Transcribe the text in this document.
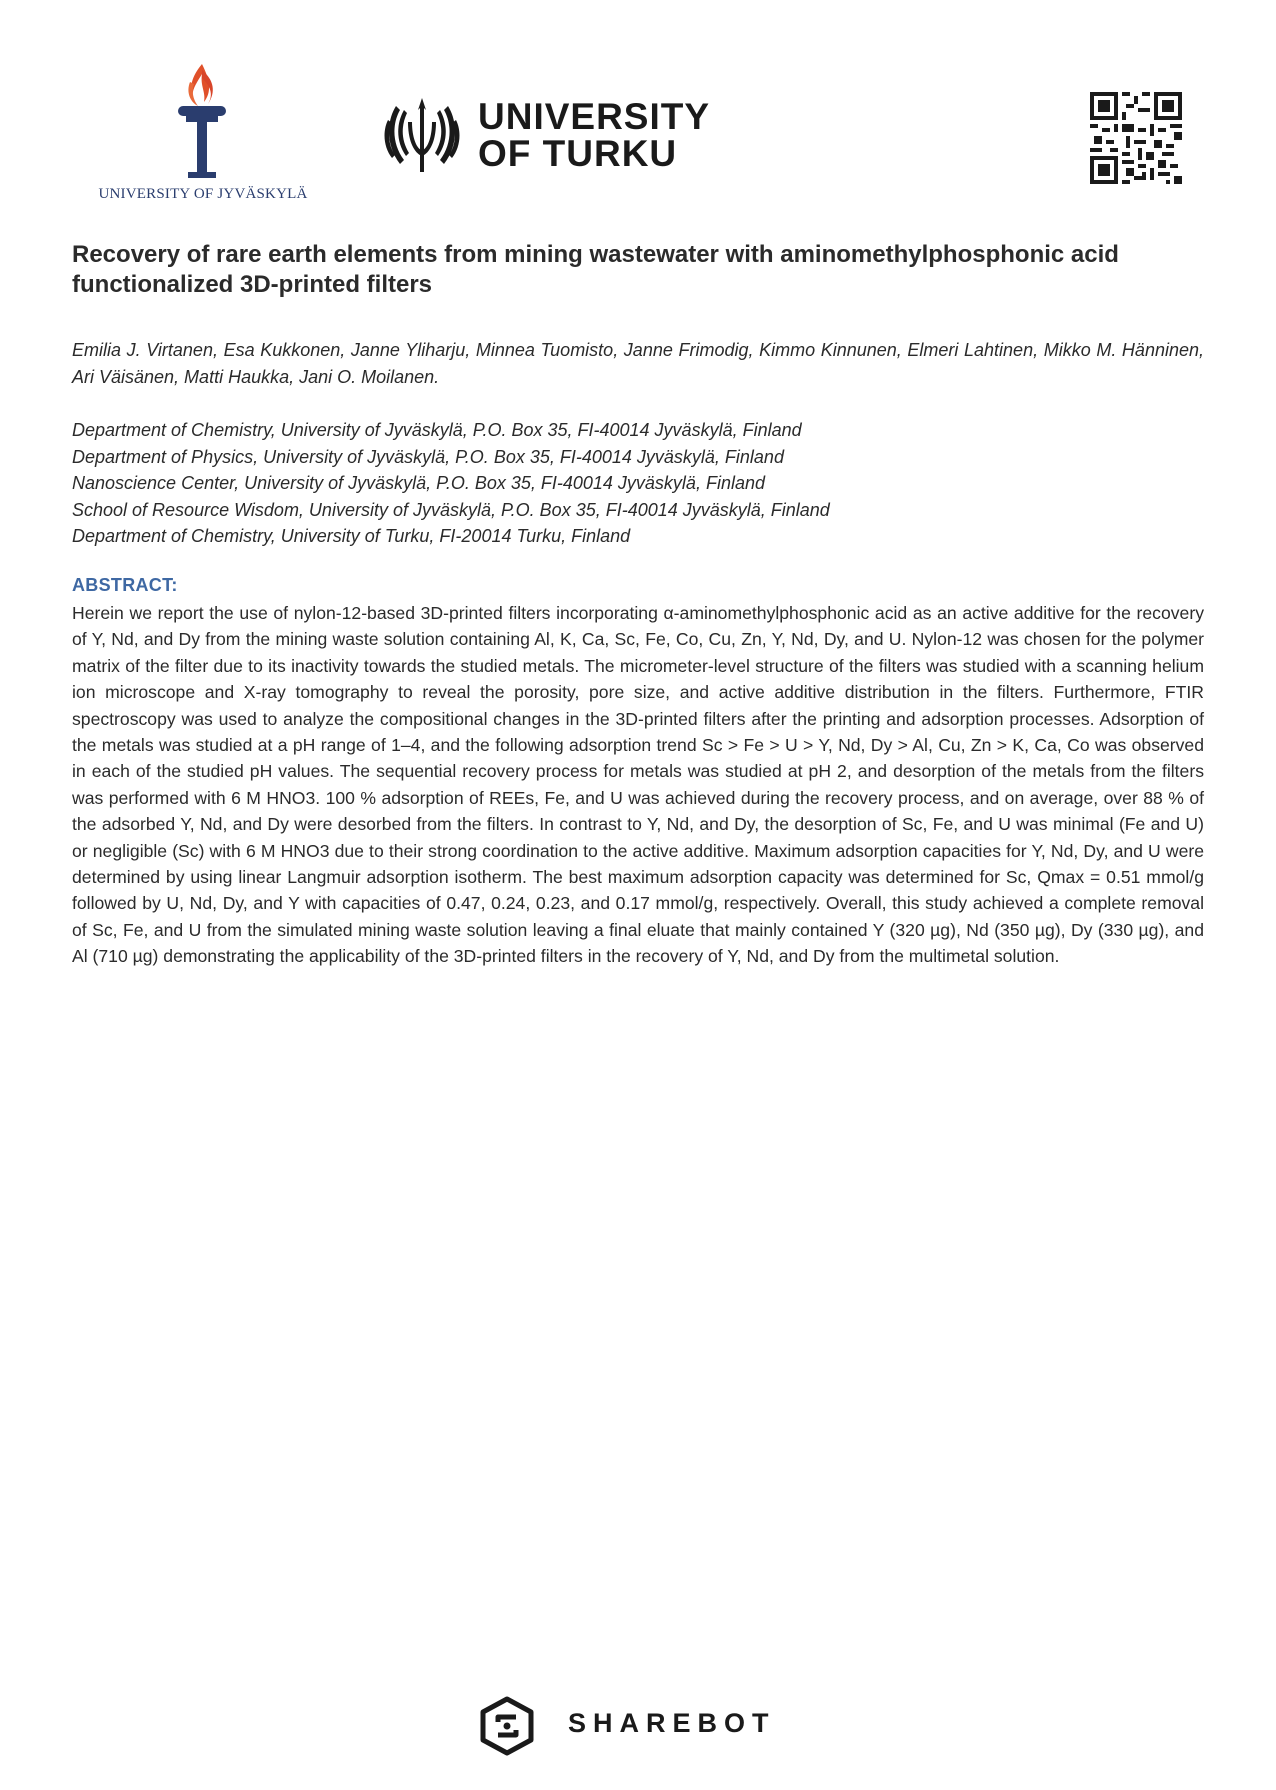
UNIVERSITY OF JYVÄSKYLÄ
UNIVERSITY
OF TURKU
Recovery of rare earth elements from mining wastewater with aminomethylphosphonic acid functionalized 3D-printed filters

Emilia J. Virtanen, Esa Kukkonen, Janne Yliharju, Minnea Tuomisto, Janne Frimodig, Kimmo Kinnunen, Elmeri Lahtinen, Mikko M. Hänninen, Ari Väisänen, Matti Haukka, Jani O. Moilanen.

Department of Chemistry, University of Jyväskylä, P.O. Box 35, FI-40014 Jyväskylä, Finland
Department of Physics, University of Jyväskylä, P.O. Box 35, FI-40014 Jyväskylä, Finland
Nanoscience Center, University of Jyväskylä, P.O. Box 35, FI-40014 Jyväskylä, Finland
School of Resource Wisdom, University of Jyväskylä, P.O. Box 35, FI-40014 Jyväskylä, Finland
Department of Chemistry, University of Turku, FI-20014 Turku, Finland
ABSTRACT:

Herein we report the use of nylon-12-based 3D-printed filters incorporating α-aminomethylphosphonic acid as an active additive for the recovery of Y, Nd, and Dy from the mining waste solution containing Al, K, Ca, Sc, Fe, Co, Cu, Zn, Y, Nd, Dy, and U. Nylon-12 was chosen for the polymer matrix of the filter due to its inactivity towards the studied metals. The micrometer-level structure of the filters was studied with a scanning helium ion microscope and X-ray tomography to reveal the porosity, pore size, and active additive distribution in the filters. Furthermore, FTIR spectroscopy was used to analyze the compositional changes in the 3D-printed filters after the printing and adsorption processes. Adsorption of the metals was studied at a pH range of 1–4, and the following adsorption trend Sc > Fe > U > Y, Nd, Dy > Al, Cu, Zn > K, Ca, Co was observed in each of the studied pH values. The sequential recovery process for metals was studied at pH 2, and desorption of the metals from the filters was performed with 6 M HNO3. 100 % adsorption of REEs, Fe, and U was achieved during the recovery process, and on average, over 88 % of the adsorbed Y, Nd, and Dy were desorbed from the filters. In contrast to Y, Nd, and Dy, the desorption of Sc, Fe, and U was minimal (Fe and U) or negligible (Sc) with 6 M HNO3 due to their strong coordination to the active additive. Maximum adsorption capacities for Y, Nd, Dy, and U were determined by using linear Langmuir adsorption isotherm. The best maximum adsorption capacity was determined for Sc, Qmax = 0.51 mmol/g followed by U, Nd, Dy, and Y with capacities of 0.47, 0.24, 0.23, and 0.17 mmol/g, respectively. Overall, this study achieved a complete removal of Sc, Fe, and U from the simulated mining waste solution leaving a final eluate that mainly contained Y (320 µg), Nd (350 µg), Dy (330 µg), and Al (710 µg) demonstrating the applicability of the 3D-printed filters in the recovery of Y, Nd, and Dy from the multimetal solution.

SHAREBOT
